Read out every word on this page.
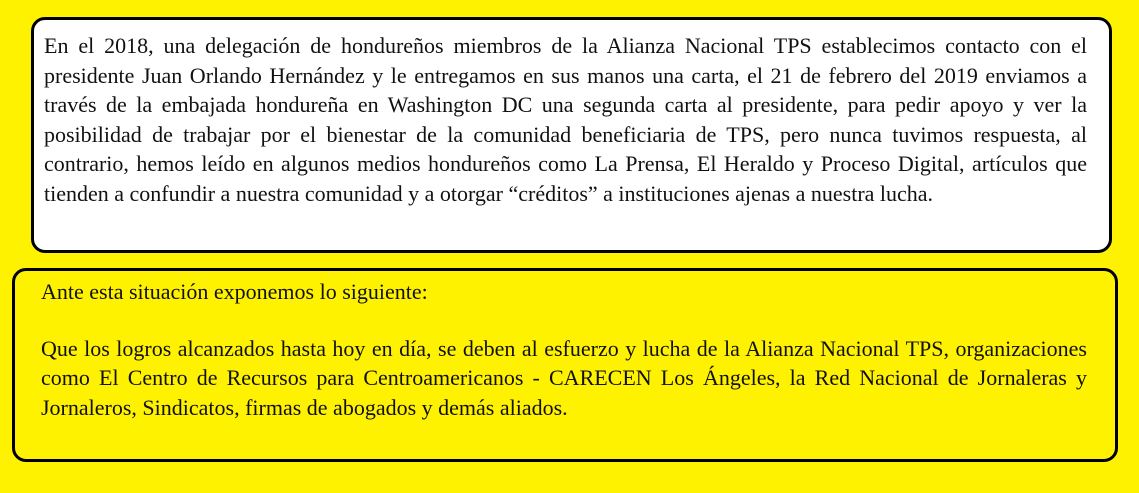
En el 2018, una delegación de hondureños miembros de la Alianza Nacional TPS establecimos contacto con el presidente Juan Orlando Hernández y le entregamos en sus manos una carta, el 21 de febrero del 2019 enviamos a través de la embajada hondureña en Washington DC una segunda carta al presidente, para pedir apoyo y ver la posibilidad de trabajar por el bienestar de la comunidad beneficiaria de TPS, pero nunca tuvimos respuesta, al contrario, hemos leído en algunos medios hondureños como La Prensa, El Heraldo y Proceso Digital, artículos que tienden a confundir a nuestra comunidad y a otorgar “créditos” a instituciones ajenas a nuestra lucha.

Ante esta situación exponemos lo siguiente:

Que los logros alcanzados hasta hoy en día, se deben al esfuerzo y lucha de la Alianza Nacional TPS, organizaciones como El Centro de Recursos para Centroamericanos - CARECEN Los Ángeles, la Red Nacional de Jornaleras y Jornaleros, Sindicatos, firmas de abogados y demás aliados.
